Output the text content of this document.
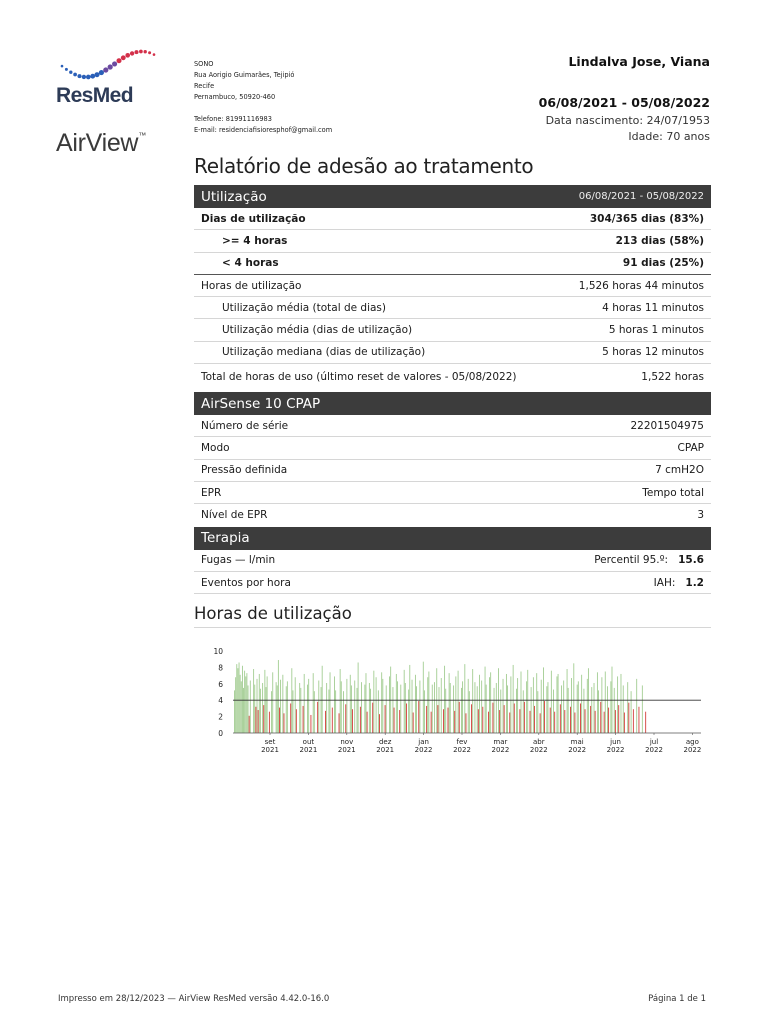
ResMed
AirView™
SONO
Rua Aorigio Guimarães, Tejipió
Recife
Pernambuco, 50920-460
Telefone: 81991116983
E-mail: residenciafisioresphof@gmail.com
Lindalva Jose, Viana
06/08/2021 - 05/08/2022
Data nascimento: 24/07/1953
Idade: 70 anos
Relatório de adesão ao tratamento
Utilização	06/08/2021 - 05/08/2022
Dias de utilização	304/365 dias (83%)
>= 4 horas	213 dias (58%)
< 4 horas	91 dias (25%)
Horas de utilização	1,526 horas 44 minutos
Utilização média (total de dias)	4 horas 11 minutos
Utilização média (dias de utilização)	5 horas 1 minutos
Utilização mediana (dias de utilização)	5 horas 12 minutos
Total de horas de uso (último reset de valores - 05/08/2022)	1,522 horas
AirSense 10 CPAP
Número de série	22201504975
Modo	CPAP
Pressão definida	7 cmH2O
EPR	Tempo total
Nível de EPR	3
Terapia
Fugas — l/min	Percentil 95.º: 15.6
Eventos por hora	IAH: 1.2
Horas de utilização
0
2
4
6
8
10
set
2021
out
2021
nov
2021
dez
2021
jan
2022
fev
2022
mar
2022
abr
2022
mai
2022
jun
2022
jul
2022
ago
2022
Impresso em 28/12/2023 — AirView ResMed versão 4.42.0-16.0	Página 1 de 1
